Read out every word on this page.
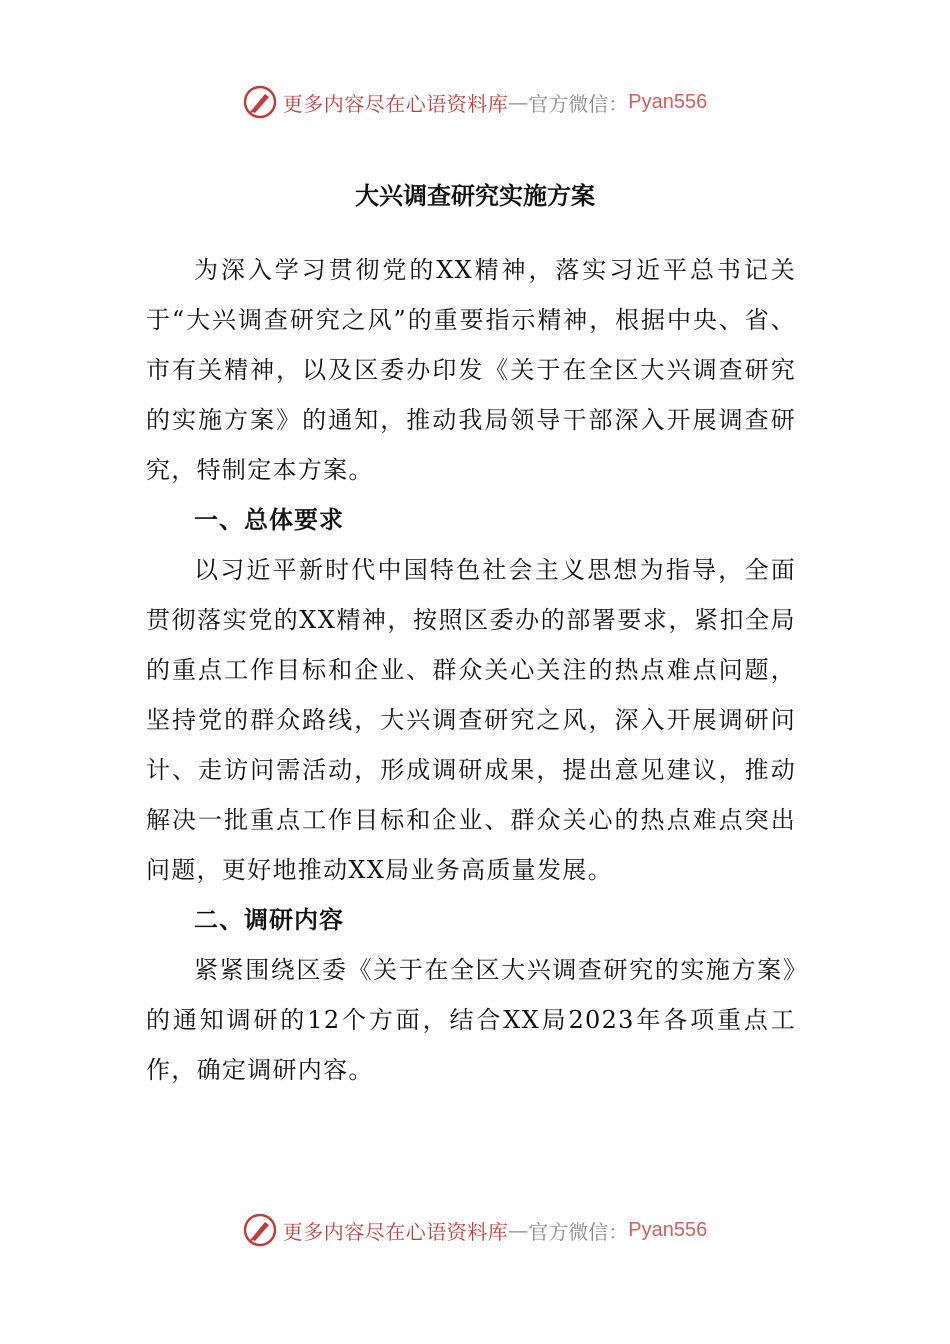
更多内容尽在心语资料库 — 官方微信： Pyan556
大兴调查研究实施方案

为深入学习贯彻党的XX精神，落实习近平总书记关于“大兴调查研究之风”的重要指示精神，根据中央、省、市有关精神，以及区委办印发《关于在全区大兴调查研究的实施方案》的通知，推动我局领导干部深入开展调查研究，特制定本方案。

一、总体要求

以习近平新时代中国特色社会主义思想为指导，全面贯彻落实党的XX精神，按照区委办的部署要求，紧扣全局的重点工作目标和企业、群众关心关注的热点难点问题，坚持党的群众路线，大兴调查研究之风，深入开展调研问计、走访问需活动，形成调研成果，提出意见建议，推动解决一批重点工作目标和企业、群众关心的热点难点突出问题，更好地推动XX局业务高质量发展。

二、调研内容

紧紧围绕区委《关于在全区大兴调查研究的实施方案》的通知调研的12个方面，结合XX局2023年各项重点工作，确定调研内容。

更多内容尽在心语资料库 — 官方微信： Pyan556
